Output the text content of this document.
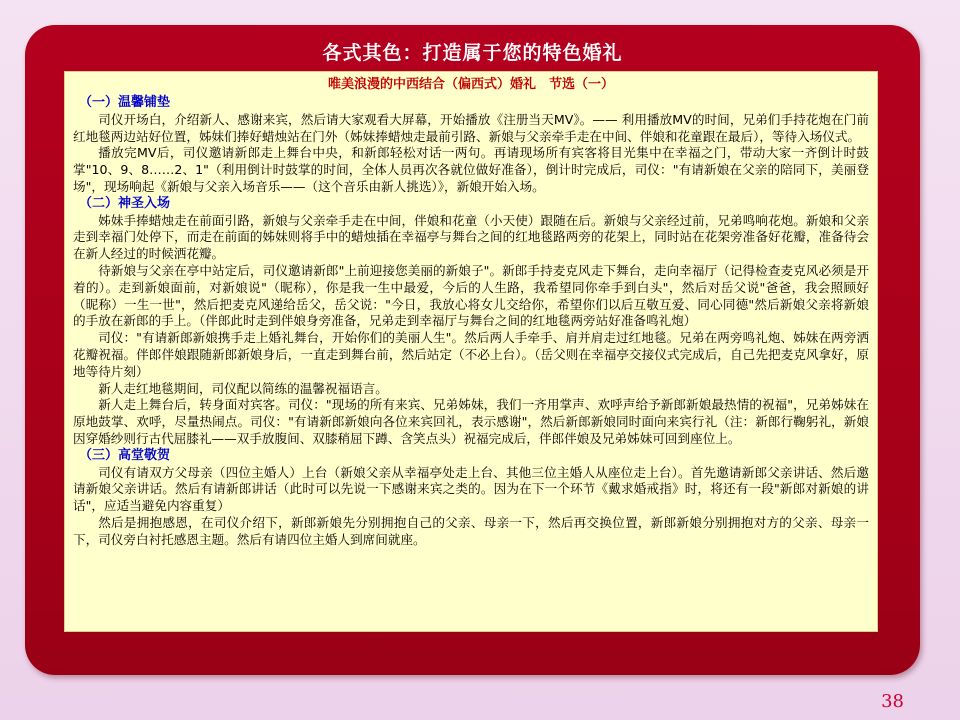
各式其色：打造属于您的特色婚礼
唯美浪漫的中西结合（偏西式）婚礼　节选（一）
（一）温馨铺垫

司仪开场白，介绍新人、感谢来宾，然后请大家观看大屏幕，开始播放《注册当天MV》。—— 利用播放MV的时间，兄弟们手持花炮在门前红地毯两边站好位置，姊妹们捧好蜡烛站在门外（姊妹捧蜡烛走最前引路、新娘与父亲牵手走在中间、伴娘和花童跟在最后），等待入场仪式。

播放完MV后，司仪邀请新郎走上舞台中央，和新郎轻松对话一两句。再请现场所有宾客将目光集中在幸福之门，带动大家一齐倒计时鼓掌"10、9、8……2、1"（利用倒计时鼓掌的时间，全体人员再次各就位做好准备），倒计时完成后，司仪："有请新娘在父亲的陪同下，美丽登场"，现场响起《新娘与父亲入场音乐——（这个音乐由新人挑选）》，新娘开始入场。

（二）神圣入场

姊妹手捧蜡烛走在前面引路，新娘与父亲牵手走在中间，伴娘和花童（小天使）跟随在后。新娘与父亲经过前，兄弟鸣响花炮。新娘和父亲走到幸福门处停下，而走在前面的姊妹则将手中的蜡烛插在幸福亭与舞台之间的红地毯路两旁的花架上，同时站在花架旁准备好花瓣，准备待会在新人经过的时候洒花瓣。

待新娘与父亲在亭中站定后，司仪邀请新郎"上前迎接您美丽的新娘子"。新郎手持麦克风走下舞台，走向幸福厅（记得检查麦克风必须是开着的）。走到新娘面前，对新娘说"（昵称），你是我一生中最爱，今后的人生路，我希望同你牵手到白头"，然后对岳父说"爸爸，我会照顾好（昵称）一生一世"，然后把麦克风递给岳父，岳父说："今日，我放心将女儿交给你，希望你们以后互敬互爱、同心同德"然后新娘父亲将新娘的手放在新郎的手上。（伴郎此时走到伴娘身旁准备，兄弟走到幸福厅与舞台之间的红地毯两旁站好准备鸣礼炮）

司仪："有请新郎新娘携手走上婚礼舞台，开始你们的美丽人生"。然后两人手牵手、肩并肩走过红地毯。兄弟在两旁鸣礼炮、姊妹在两旁洒花瓣祝福。伴郎伴娘跟随新郎新娘身后，一直走到舞台前，然后站定（不必上台）。（岳父则在幸福亭交接仪式完成后，自己先把麦克风拿好，原地等待片刻）

新人走红地毯期间，司仪配以简练的温馨祝福语言。

新人走上舞台后，转身面对宾客。司仪："现场的所有来宾、兄弟姊妹，我们一齐用掌声、欢呼声给予新郎新娘最热情的祝福"，兄弟姊妹在原地鼓掌、欢呼，尽量热闹点。司仪："有请新郎新娘向各位来宾回礼，表示感谢"，然后新郎新娘同时面向来宾行礼（注：新郎行鞠躬礼，新娘因穿婚纱则行古代屈膝礼——双手放腹间、双膝稍屈下蹲、含笑点头）祝福完成后，伴郎伴娘及兄弟姊妹可回到座位上。

（三）高堂敬贺

司仪有请双方父母亲（四位主婚人）上台（新娘父亲从幸福亭处走上台、其他三位主婚人从座位走上台）。首先邀请新郎父亲讲话、然后邀请新娘父亲讲话。然后有请新郎讲话（此时可以先说一下感谢来宾之类的。因为在下一个环节《戴求婚戒指》时，将还有一段"新郎对新娘的讲话"，应适当避免内容重复）

然后是拥抱感恩，在司仪介绍下，新郎新娘先分别拥抱自己的父亲、母亲一下，然后再交换位置，新郎新娘分别拥抱对方的父亲、母亲一下，司仪旁白衬托感恩主题。然后有请四位主婚人到席间就座。

38
